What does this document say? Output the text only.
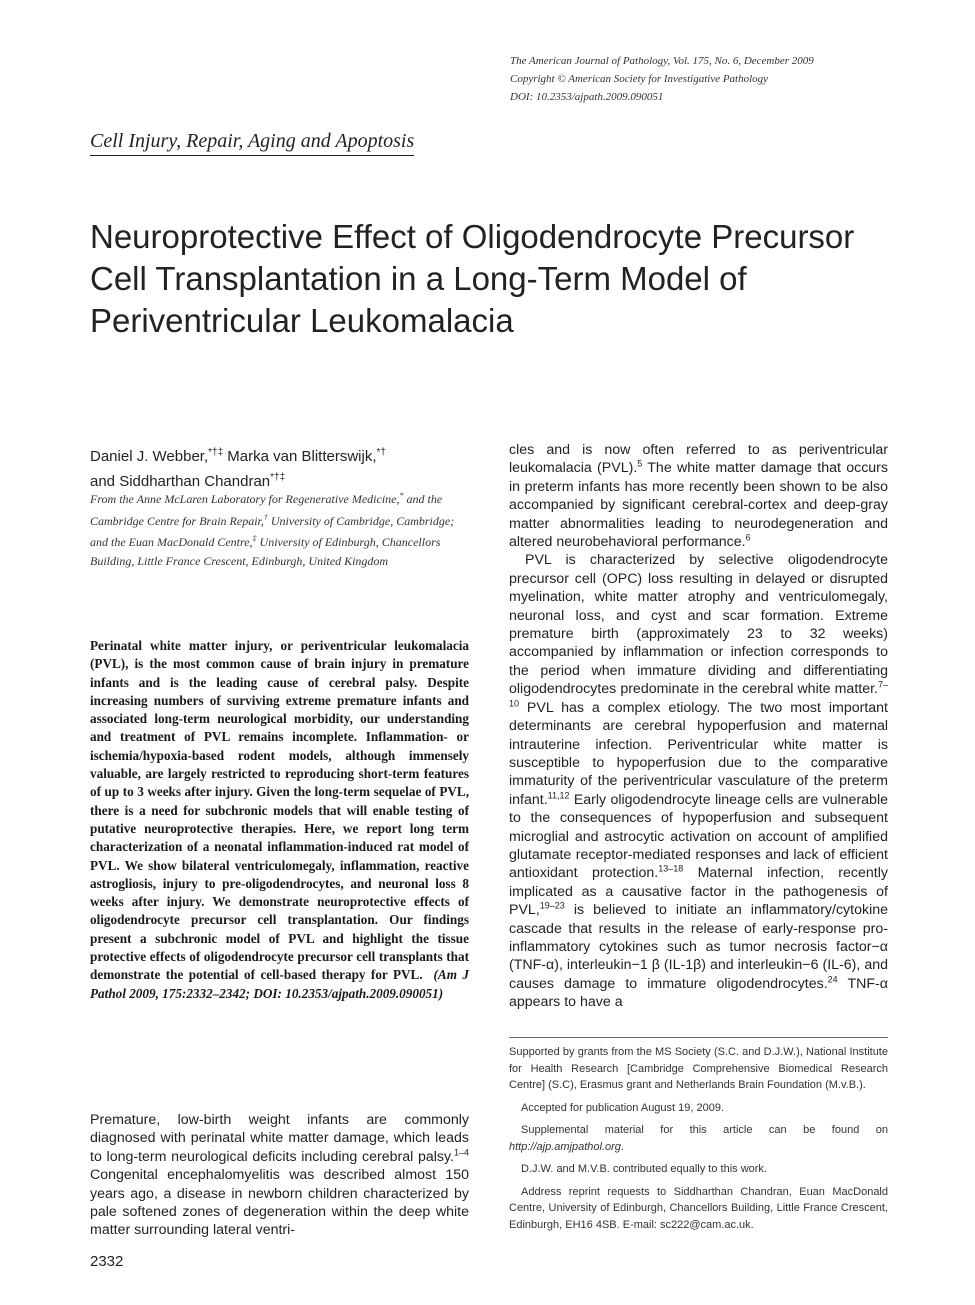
The American Journal of Pathology, Vol. 175, No. 6, December 2009
Copyright © American Society for Investigative Pathology
DOI: 10.2353/ajpath.2009.090051
Cell Injury, Repair, Aging and Apoptosis
Neuroprotective Effect of Oligodendrocyte Precursor Cell Transplantation in a Long-Term Model of Periventricular Leukomalacia
Daniel J. Webber,*†‡ Marka van Blitterswijk,*†
and Siddharthan Chandran*†‡
From the Anne McLaren Laboratory for Regenerative Medicine,* and the Cambridge Centre for Brain Repair,† University of Cambridge, Cambridge; and the Euan MacDonald Centre,‡ University of Edinburgh, Chancellors Building, Little France Crescent, Edinburgh, United Kingdom
Perinatal white matter injury, or periventricular leukomalacia (PVL), is the most common cause of brain injury in premature infants and is the leading cause of cerebral palsy. Despite increasing numbers of surviving extreme premature infants and associated long-term neurological morbidity, our understanding and treatment of PVL remains incomplete. Inflammation- or ischemia/hypoxia-based rodent models, although immensely valuable, are largely restricted to reproducing short-term features of up to 3 weeks after injury. Given the long-term sequelae of PVL, there is a need for subchronic models that will enable testing of putative neuroprotective therapies. Here, we report long term characterization of a neonatal inflammation-induced rat model of PVL. We show bilateral ventriculomegaly, inflammation, reactive astrogliosis, injury to pre-oligodendrocytes, and neuronal loss 8 weeks after injury. We demonstrate neuroprotective effects of oligodendrocyte precursor cell transplantation. Our findings present a subchronic model of PVL and highlight the tissue protective effects of oligodendrocyte precursor cell transplants that demonstrate the potential of cell-based therapy for PVL. (Am J Pathol 2009, 175:2332–2342; DOI: 10.2353/ajpath.2009.090051)

Premature, low-birth weight infants are commonly diagnosed with perinatal white matter damage, which leads to long-term neurological deficits including cerebral palsy.$^{1-4}$ Congenital encephalomyelitis was described almost 150 years ago, a disease in newborn children characterized by pale softened zones of degeneration within the deep white matter surrounding lateral ventri-

cles and is now often referred to as periventricular leukomalacia (PVL).$^5$ The white matter damage that occurs in preterm infants has more recently been shown to be also accompanied by significant cerebral-cortex and deep-gray matter abnormalities leading to neurodegeneration and altered neurobehavioral performance.$^6$

PVL is characterized by selective oligodendrocyte precursor cell (OPC) loss resulting in delayed or disrupted myelination, white matter atrophy and ventriculomegaly, neuronal loss, and cyst and scar formation. Extreme premature birth (approximately 23 to 32 weeks) accompanied by inflammation or infection corresponds to the period when immature dividing and differentiating oligodendrocytes predominate in the cerebral white matter.$^{7-10}$ PVL has a complex etiology. The two most important determinants are cerebral hypoperfusion and maternal intrauterine infection. Periventricular white matter is susceptible to hypoperfusion due to the comparative immaturity of the periventricular vasculature of the preterm infant.$^{11,12}$ Early oligodendrocyte lineage cells are vulnerable to the consequences of hypoperfusion and subsequent microglial and astrocytic activation on account of amplified glutamate receptor-mediated responses and lack of efficient antioxidant protection.$^{13-18}$ Maternal infection, recently implicated as a causative factor in the pathogenesis of PVL,$^{19-23}$ is believed to initiate an inflammatory/cytokine cascade that results in the release of early-response pro-inflammatory cytokines such as tumor necrosis factor−α (TNF-α), interleukin−1 β (IL-1β) and interleukin−6 (IL-6), and causes damage to immature oligodendrocytes.$^{24}$ TNF-α appears to have a

Supported by grants from the MS Society (S.C. and D.J.W.), National Institute for Health Research [Cambridge Comprehensive Biomedical Research Centre] (S.C), Erasmus grant and Netherlands Brain Foundation (M.v.B.).

Accepted for publication August 19, 2009.

Supplemental material for this article can be found on http://ajp.amjpathol.org.

D.J.W. and M.V.B. contributed equally to this work.

Address reprint requests to Siddharthan Chandran, Euan MacDonald Centre, University of Edinburgh, Chancellors Building, Little France Crescent, Edinburgh, EH16 4SB. E-mail: sc222@cam.ac.uk.

2332
